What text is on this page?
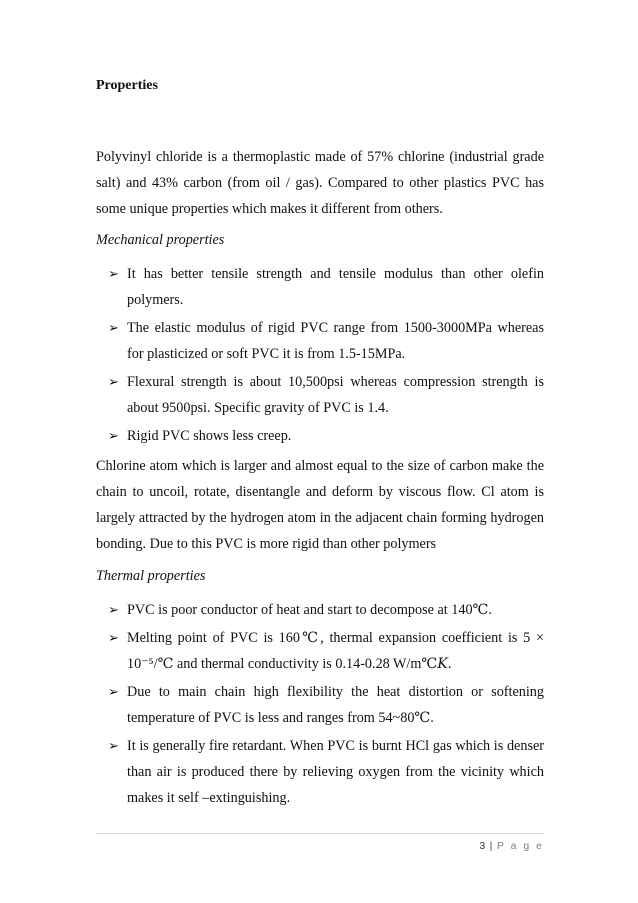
Properties
Polyvinyl chloride is a thermoplastic made of 57% chlorine (industrial grade salt) and 43% carbon (from oil / gas). Compared to other plastics PVC has some unique properties which makes it different from others.
Mechanical properties
➢ It has better tensile strength and tensile modulus than other olefin polymers.
➢ The elastic modulus of rigid PVC range from 1500-3000MPa whereas for plasticized or soft PVC it is from 1.5-15MPa.
➢ Flexural strength is about 10,500psi whereas compression strength is about 9500psi. Specific gravity of PVC is 1.4.
➢ Rigid PVC shows less creep.
Chlorine atom which is larger and almost equal to the size of carbon make the chain to uncoil, rotate, disentangle and deform by viscous flow. Cl atom is largely attracted by the hydrogen atom in the adjacent chain forming hydrogen bonding. Due to this PVC is more rigid than other polymers
Thermal properties
➢ PVC is poor conductor of heat and start to decompose at 140℃.
➢ Melting point of PVC is 160℃, thermal expansion coefficient is 5 × 10⁻⁵/℃ and thermal conductivity is 0.14-0.28 W/m℃𝐾.
➢ Due to main chain high flexibility the heat distortion or softening temperature of PVC is less and ranges from 54~80℃.
➢ It is generally fire retardant. When PVC is burnt HCl gas which is denser than air is produced there by relieving oxygen from the vicinity which makes it self –extinguishing.
3 | P a g e
